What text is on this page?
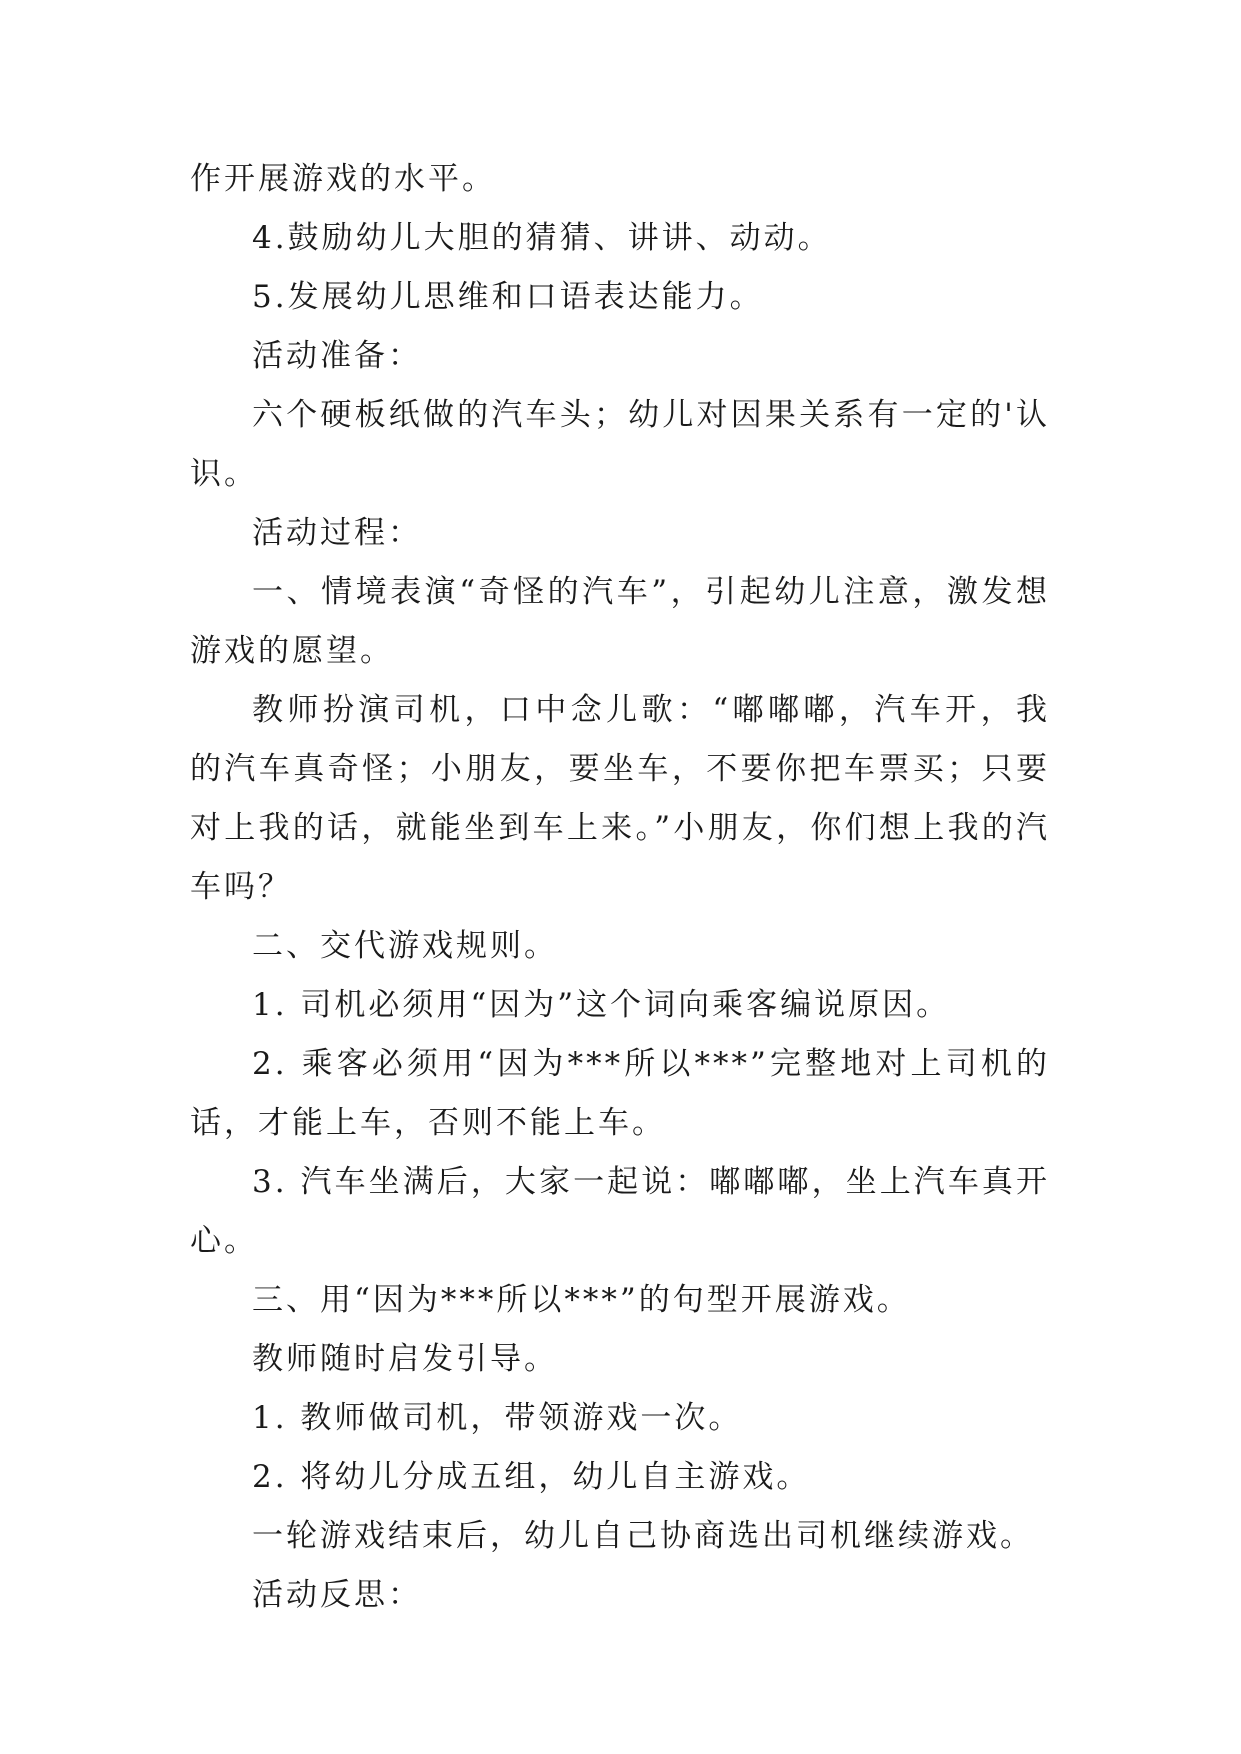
作开展游戏的水平。

4.鼓励幼儿大胆的猜猜、讲讲、动动。

5.发展幼儿思维和口语表达能力。

活动准备：

六个硬板纸做的汽车头；幼儿对因果关系有一定的'认识。

活动过程：

一、情境表演“奇怪的汽车”，引起幼儿注意，激发想游戏的愿望。

教师扮演司机，口中念儿歌：“嘟嘟嘟，汽车开，我的汽车真奇怪；小朋友，要坐车，不要你把车票买；只要对上我的话，就能坐到车上来。”小朋友，你们想上我的汽车吗？

二、交代游戏规则。

1. 司机必须用“因为”这个词向乘客编说原因。

2. 乘客必须用“因为***所以***”完整地对上司机的话，才能上车，否则不能上车。

3. 汽车坐满后，大家一起说：嘟嘟嘟，坐上汽车真开心。

三、用“因为***所以***”的句型开展游戏。

教师随时启发引导。

1. 教师做司机，带领游戏一次。

2. 将幼儿分成五组，幼儿自主游戏。

一轮游戏结束后，幼儿自己协商选出司机继续游戏。

活动反思：
